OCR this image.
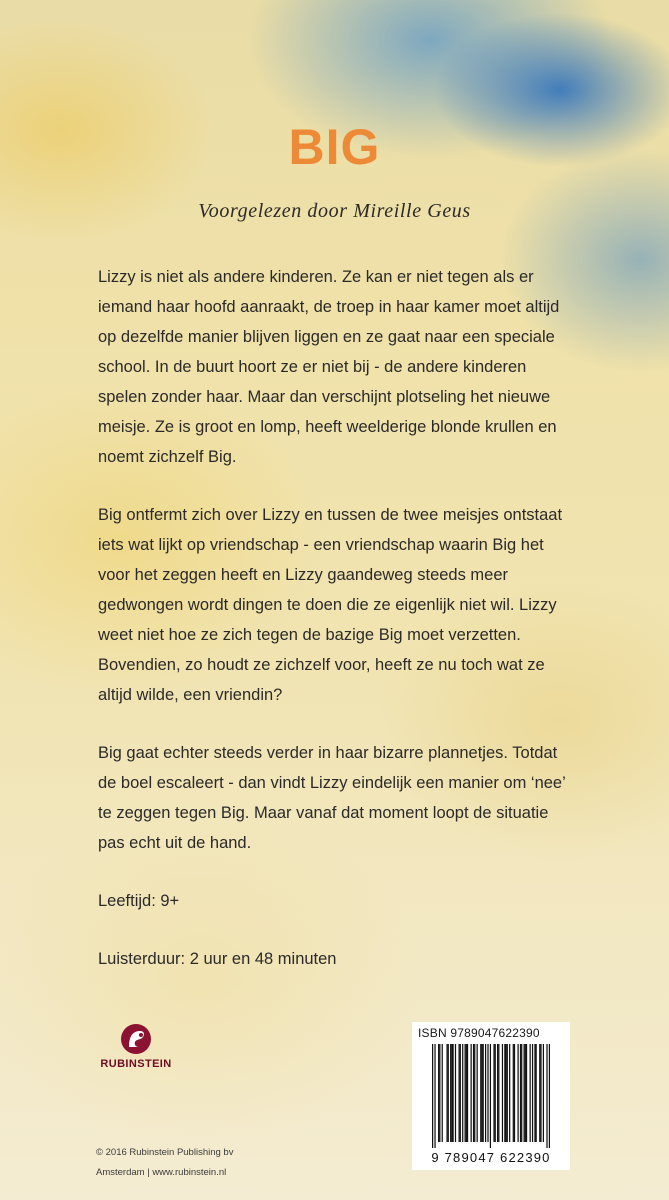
BIG

Voorgelezen door Mireille Geus

Lizzy is niet als andere kinderen. Ze kan er niet tegen als er iemand haar hoofd aanraakt, de troep in haar kamer moet altijd op dezelfde manier blijven liggen en ze gaat naar een speciale school. In de buurt hoort ze er niet bij - de andere kinderen spelen zonder haar. Maar dan verschijnt plotseling het nieuwe meisje. Ze is groot en lomp, heeft weelderige blonde krullen en noemt zichzelf Big.

Big ontfermt zich over Lizzy en tussen de twee meisjes ontstaat iets wat lijkt op vriendschap - een vriendschap waarin Big het voor het zeggen heeft en Lizzy gaandeweg steeds meer gedwongen wordt dingen te doen die ze eigenlijk niet wil. Lizzy weet niet hoe ze zich tegen de bazige Big moet verzetten. Bovendien, zo houdt ze zichzelf voor, heeft ze nu toch wat ze altijd wilde, een vriendin?

Big gaat echter steeds verder in haar bizarre plannetjes. Totdat de boel escaleert - dan vindt Lizzy eindelijk een manier om ‘nee’ te zeggen tegen Big. Maar vanaf dat moment loopt de situatie pas echt uit de hand.

Leeftijd: 9+

Luisterduur: 2 uur en 48 minuten

RUBINSTEIN
ISBN 9789047622390
9 789047 622390
© 2016 Rubinstein Publishing bv
Amsterdam | www.rubinstein.nl
